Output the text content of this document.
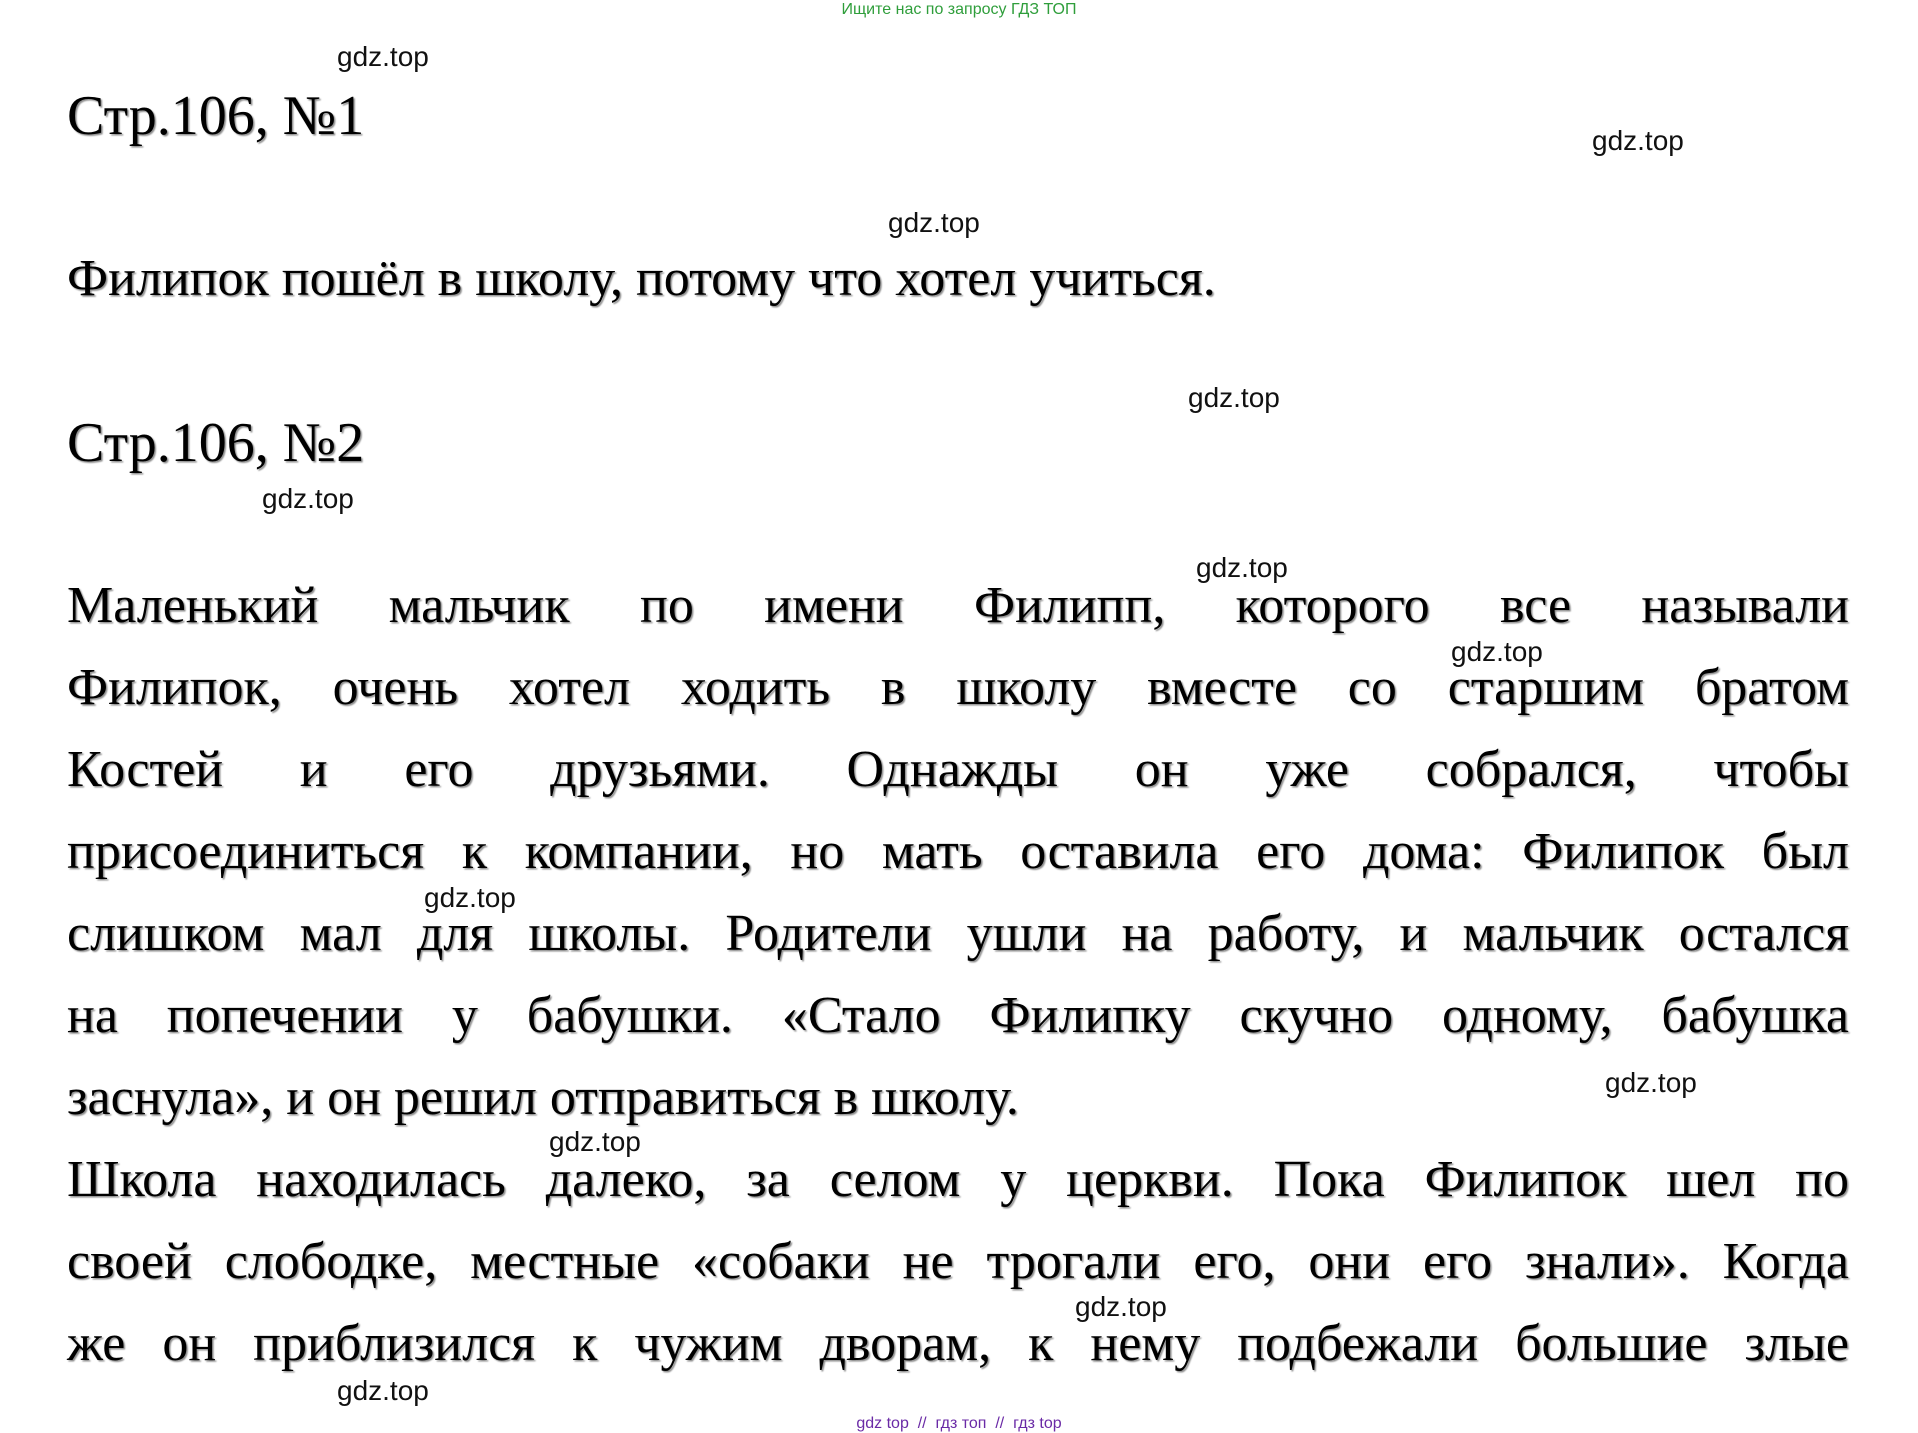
Ищите нас по запросу ГДЗ ТОП
Стр.106, №1
Филипок пошёл в школу, потому что хотел учиться.
Стр.106, №2
Маленький мальчик по имени Филипп, которого все называли
Филипок, очень хотел ходить в школу вместе со старшим братом
Костей и его друзьями. Однажды он уже собрался, чтобы
присоединиться к компании, но мать оставила его дома: Филипок был
слишком мал для школы. Родители ушли на работу, и мальчик остался
на попечении у бабушки. «Стало Филипку скучно одному, бабушка
заснула», и он решил отправиться в школу.
Школа находилась далеко, за селом у церкви. Пока Филипок шел по
своей слободке, местные «собаки не трогали его, они его знали». Когда
же он приблизился к чужим дворам, к нему подбежали большие злые
gdz.top
gdz.top
gdz.top
gdz.top
gdz.top
gdz.top
gdz.top
gdz.top
gdz.top
gdz.top
gdz.top
gdz.top
gdz top // гдз топ // гдз top
